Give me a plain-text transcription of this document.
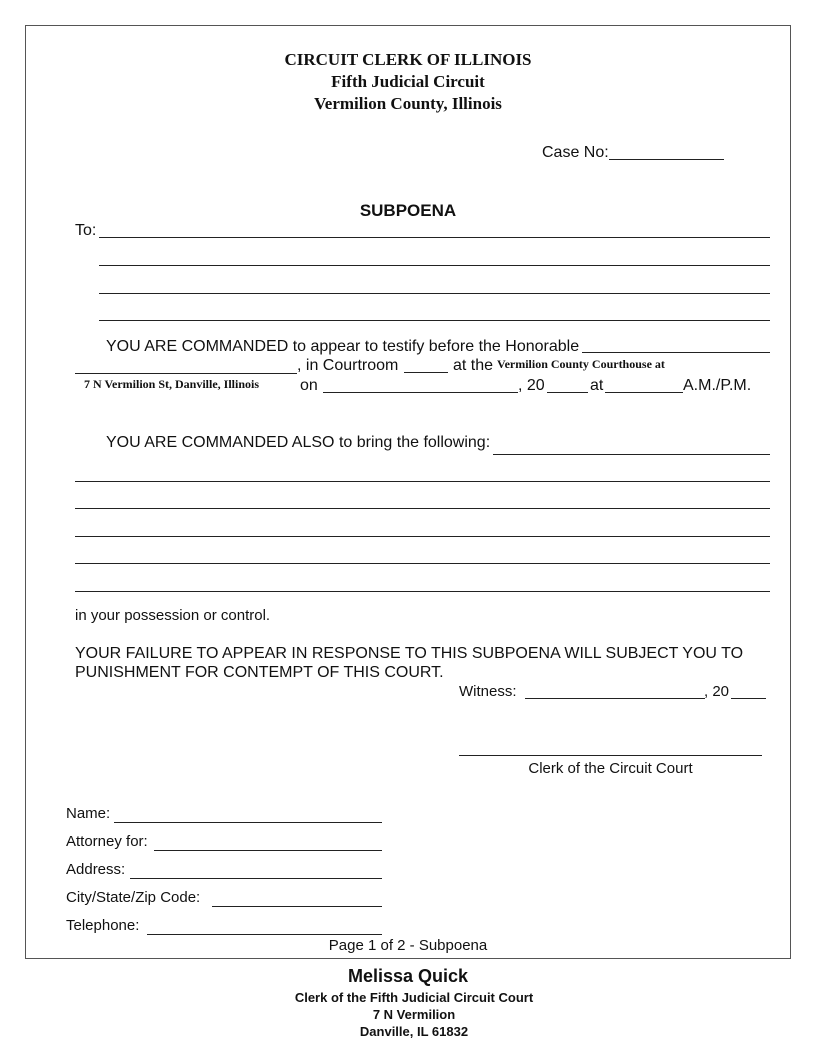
CIRCUIT CLERK OF ILLINOIS
Fifth Judicial Circuit
Vermilion County, Illinois
Case No:
SUBPOENA
To:
YOU ARE COMMANDED to appear to testify before the Honorable
, in Courtroom	at the Vermilion County Courthouse at
7 N Vermilion St, Danville, Illinois	on	, 20	at	A.M./P.M.
YOU ARE COMMANDED ALSO to bring the following:
in your possession or control.
YOUR FAILURE TO APPEAR IN RESPONSE TO THIS SUBPOENA WILL SUBJECT YOU TO
PUNISHMENT FOR CONTEMPT OF THIS COURT.
Witness:	, 20
Clerk of the Circuit Court
Name:
Attorney for:
Address:
City/State/Zip Code:
Telephone:
Page 1 of 2 - Subpoena
Melissa Quick
Clerk of the Fifth Judicial Circuit Court
7 N Vermilion
Danville, IL 61832
